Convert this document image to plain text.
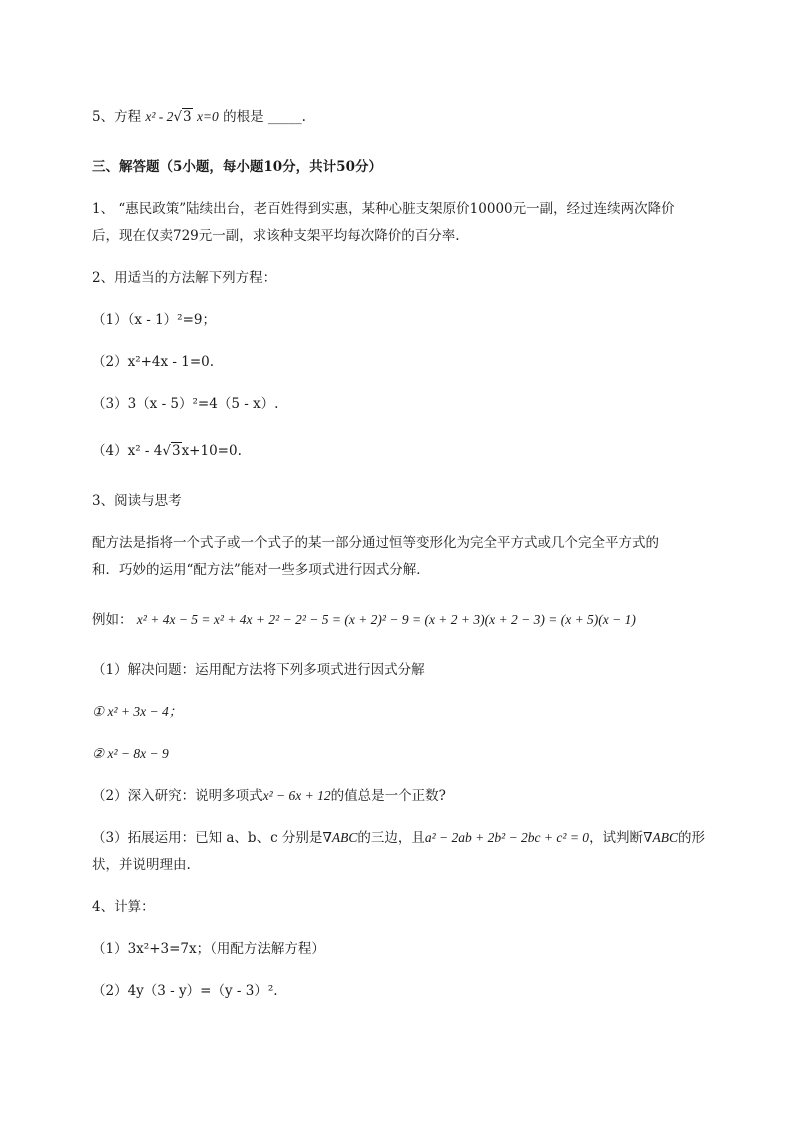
5、方程 x² - 2√3 x=0 的根是 _____.
三、解答题（5小题，每小题10分，共计50分）
1、 “惠民政策”陆续出台，老百姓得到实惠，某种心脏支架原价10000元一副，经过连续两次降价
后，现在仅卖729元一副，求该种支架平均每次降价的百分率.
2、用适当的方法解下列方程：
（1）（x - 1）²=9；
（2）x²+4x - 1=0.
（3）3（x - 5）²=4（5 - x）.
（4）x² - 4√3x+10=0.
3、阅读与思考
配方法是指将一个式子或一个式子的某一部分通过恒等变形化为完全平方式或几个完全平方式的
和．巧妙的运用“配方法”能对一些多项式进行因式分解．
例如： x² + 4x − 5 = x² + 4x + 2² − 2² − 5 = (x + 2)² − 9 = (x + 2 + 3)(x + 2 − 3) = (x + 5)(x − 1)
（1）解决问题：运用配方法将下列多项式进行因式分解
① x² + 3x − 4；
② x² − 8x − 9
（2）深入研究：说明多项式x² − 6x + 12的值总是一个正数?
（3）拓展运用：已知 a、b、c 分别是∇ABC的三边，且a² − 2ab + 2b² − 2bc + c² = 0，试判断∇ABC的形
状，并说明理由.
4、计算：
（1）3x²+3=7x；（用配方法解方程）
（2）4y（3 - y）=（y - 3）².
